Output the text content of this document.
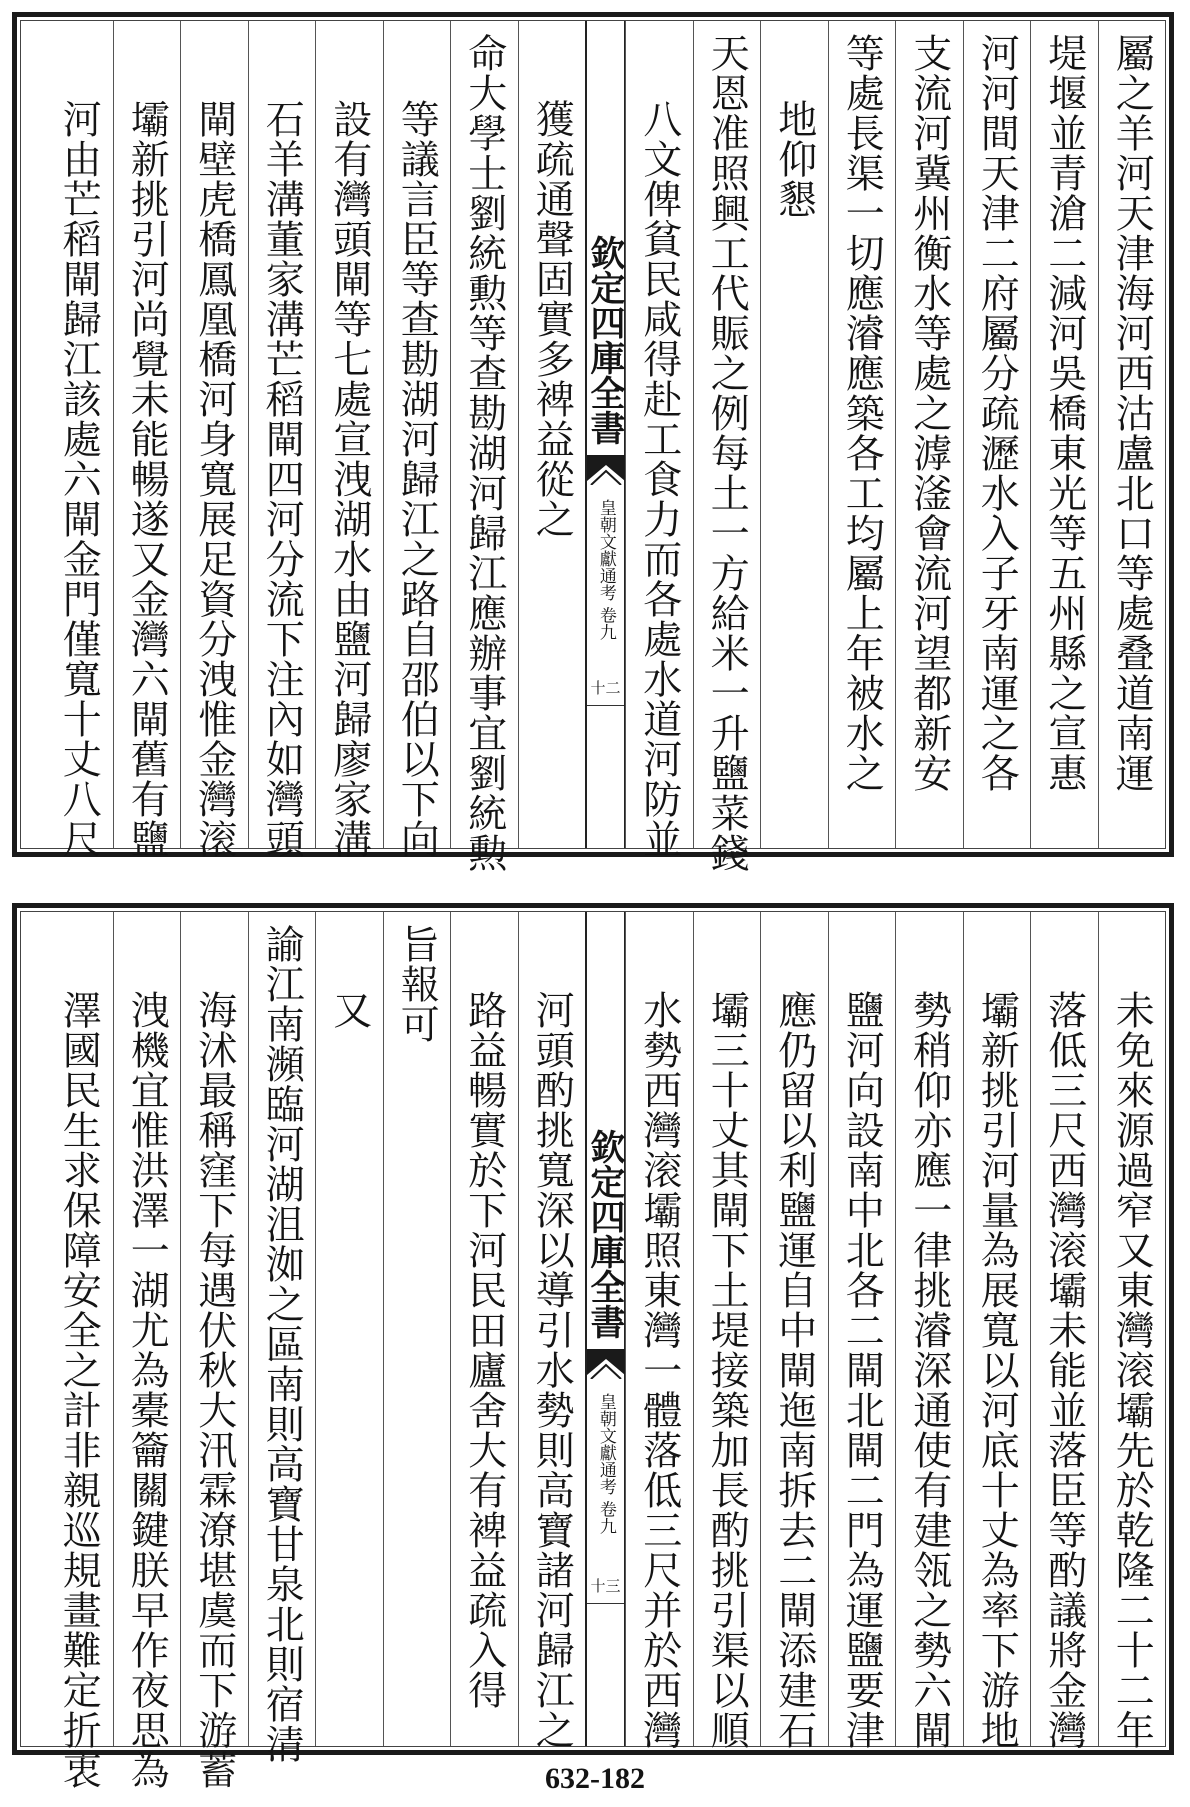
屬之羊河天津海河西沽盧北口等處叠道南運
堤堰並青滄二減河吳橋東光等五州縣之宣惠
河河間天津二府屬分疏瀝水入子牙南運之各
支流河冀州衡水等處之滹滏會流河望都新安
等處長渠一切應濬應築各工均屬上年被水之
地仰懇
天恩准照興工代賑之例每土一方給米一升鹽菜錢
八文俾貧民咸得赴工食力而各處水道河防並
欽定四庫全書
皇朝文獻通考 卷九
十二
獲疏通聲固實多裨益從之
命大學士劉統勲等查勘湖河歸江應辦事宜劉統勲
等議言臣等查勘湖河歸江之路自邵伯以下向
設有灣頭閘等七處宣洩湖水由鹽河歸廖家溝
石羊溝董家溝芒稻閘四河分流下注內如灣頭
閘壁虎橋鳳凰橋河身寬展足資分洩惟金灣滚
壩新挑引河尚覺未能暢遂又金灣六閘舊有鹽
河由芒稻閘歸江該處六閘金門僅寬十丈八尺
未免來源過窄又東灣滚壩先於乾隆二十二年
落低三尺西灣滚壩未能並落臣等酌議將金灣
壩新挑引河量為展寬以河底十丈為率下游地
勢稍仰亦應一律挑濬深通使有建瓴之勢六閘
鹽河向設南中北各二閘北閘二門為運鹽要津
應仍留以利鹽運自中閘迤南拆去二閘添建石
壩三十丈其閘下土堤接築加長酌挑引渠以順
水勢西灣滚壩照東灣一體落低三尺并於西灣
欽定四庫全書
皇朝文獻通考 卷九
十三
河頭酌挑寬深以導引水勢則高寶諸河歸江之
路益暢實於下河民田廬舍大有裨益疏入得
旨報可
又
諭江南瀕臨河湖沮洳之區南則高寶甘泉北則宿清
海沭最稱窪下每遇伏秋大汛霖潦堪虞而下游蓄
洩機宜惟洪澤一湖尤為橐籥關鍵朕早作夜思為
澤國民生求保障安全之計非親巡規畫難定折衷	632-182
